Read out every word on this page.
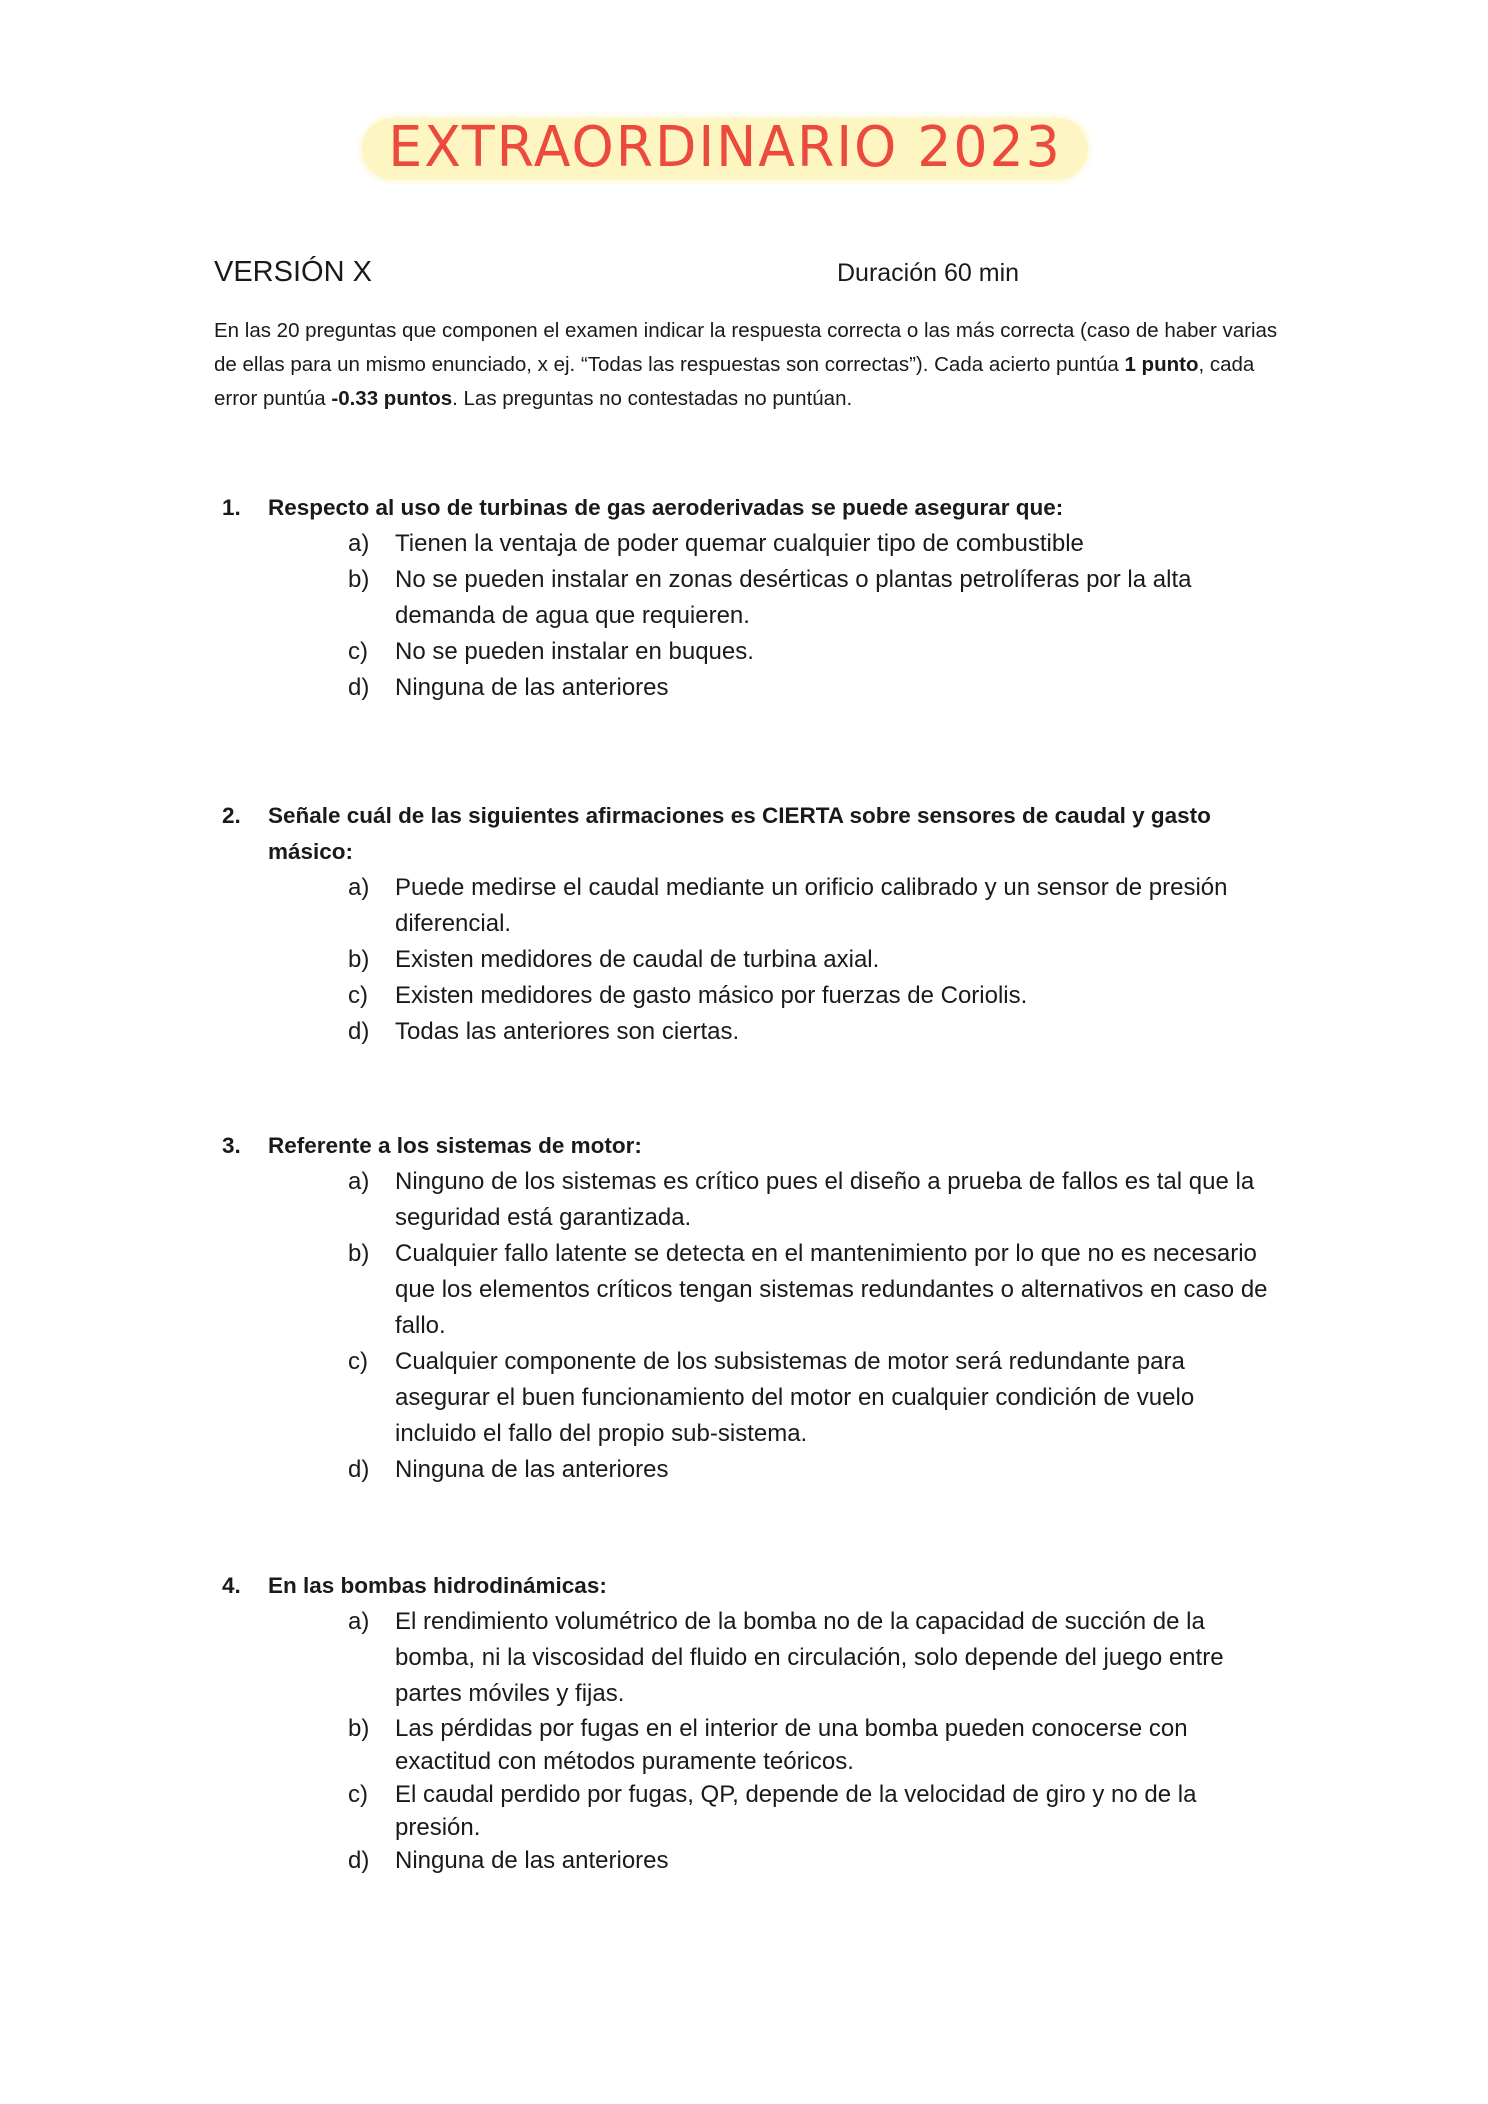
EXTRAORDINARIO 2023
VERSIÓN X	Duración 60 min
En las 20 preguntas que componen el examen indicar la respuesta correcta o las más correcta (caso de haber varias de ellas para un mismo enunciado, x ej. “Todas las respuestas son correctas”). Cada acierto puntúa 1 punto, cada error puntúa -0.33 puntos. Las preguntas no contestadas no puntúan.
1. Respecto al uso de turbinas de gas aeroderivadas se puede asegurar que:
a) Tienen la ventaja de poder quemar cualquier tipo de combustible
b) No se pueden instalar en zonas desérticas o plantas petrolíferas por la alta demanda de agua que requieren.
c) No se pueden instalar en buques.
d) Ninguna de las anteriores
2. Señale cuál de las siguientes afirmaciones es CIERTA sobre sensores de caudal y gasto másico:
a) Puede medirse el caudal mediante un orificio calibrado y un sensor de presión diferencial.
b) Existen medidores de caudal de turbina axial.
c) Existen medidores de gasto másico por fuerzas de Coriolis.
d) Todas las anteriores son ciertas.
3. Referente a los sistemas de motor:
a) Ninguno de los sistemas es crítico pues el diseño a prueba de fallos es tal que la seguridad está garantizada.
b) Cualquier fallo latente se detecta en el mantenimiento por lo que no es necesario que los elementos críticos tengan sistemas redundantes o alternativos en caso de fallo.
c) Cualquier componente de los subsistemas de motor será redundante para asegurar el buen funcionamiento del motor en cualquier condición de vuelo incluido el fallo del propio sub-sistema.
d) Ninguna de las anteriores
4. En las bombas hidrodinámicas:
a) El rendimiento volumétrico de la bomba no de la capacidad de succión de la bomba, ni la viscosidad del fluido en circulación, solo depende del juego entre partes móviles y fijas.
b) Las pérdidas por fugas en el interior de una bomba pueden conocerse con exactitud con métodos puramente teóricos.
c) El caudal perdido por fugas, QP, depende de la velocidad de giro y no de la presión.
d) Ninguna de las anteriores
